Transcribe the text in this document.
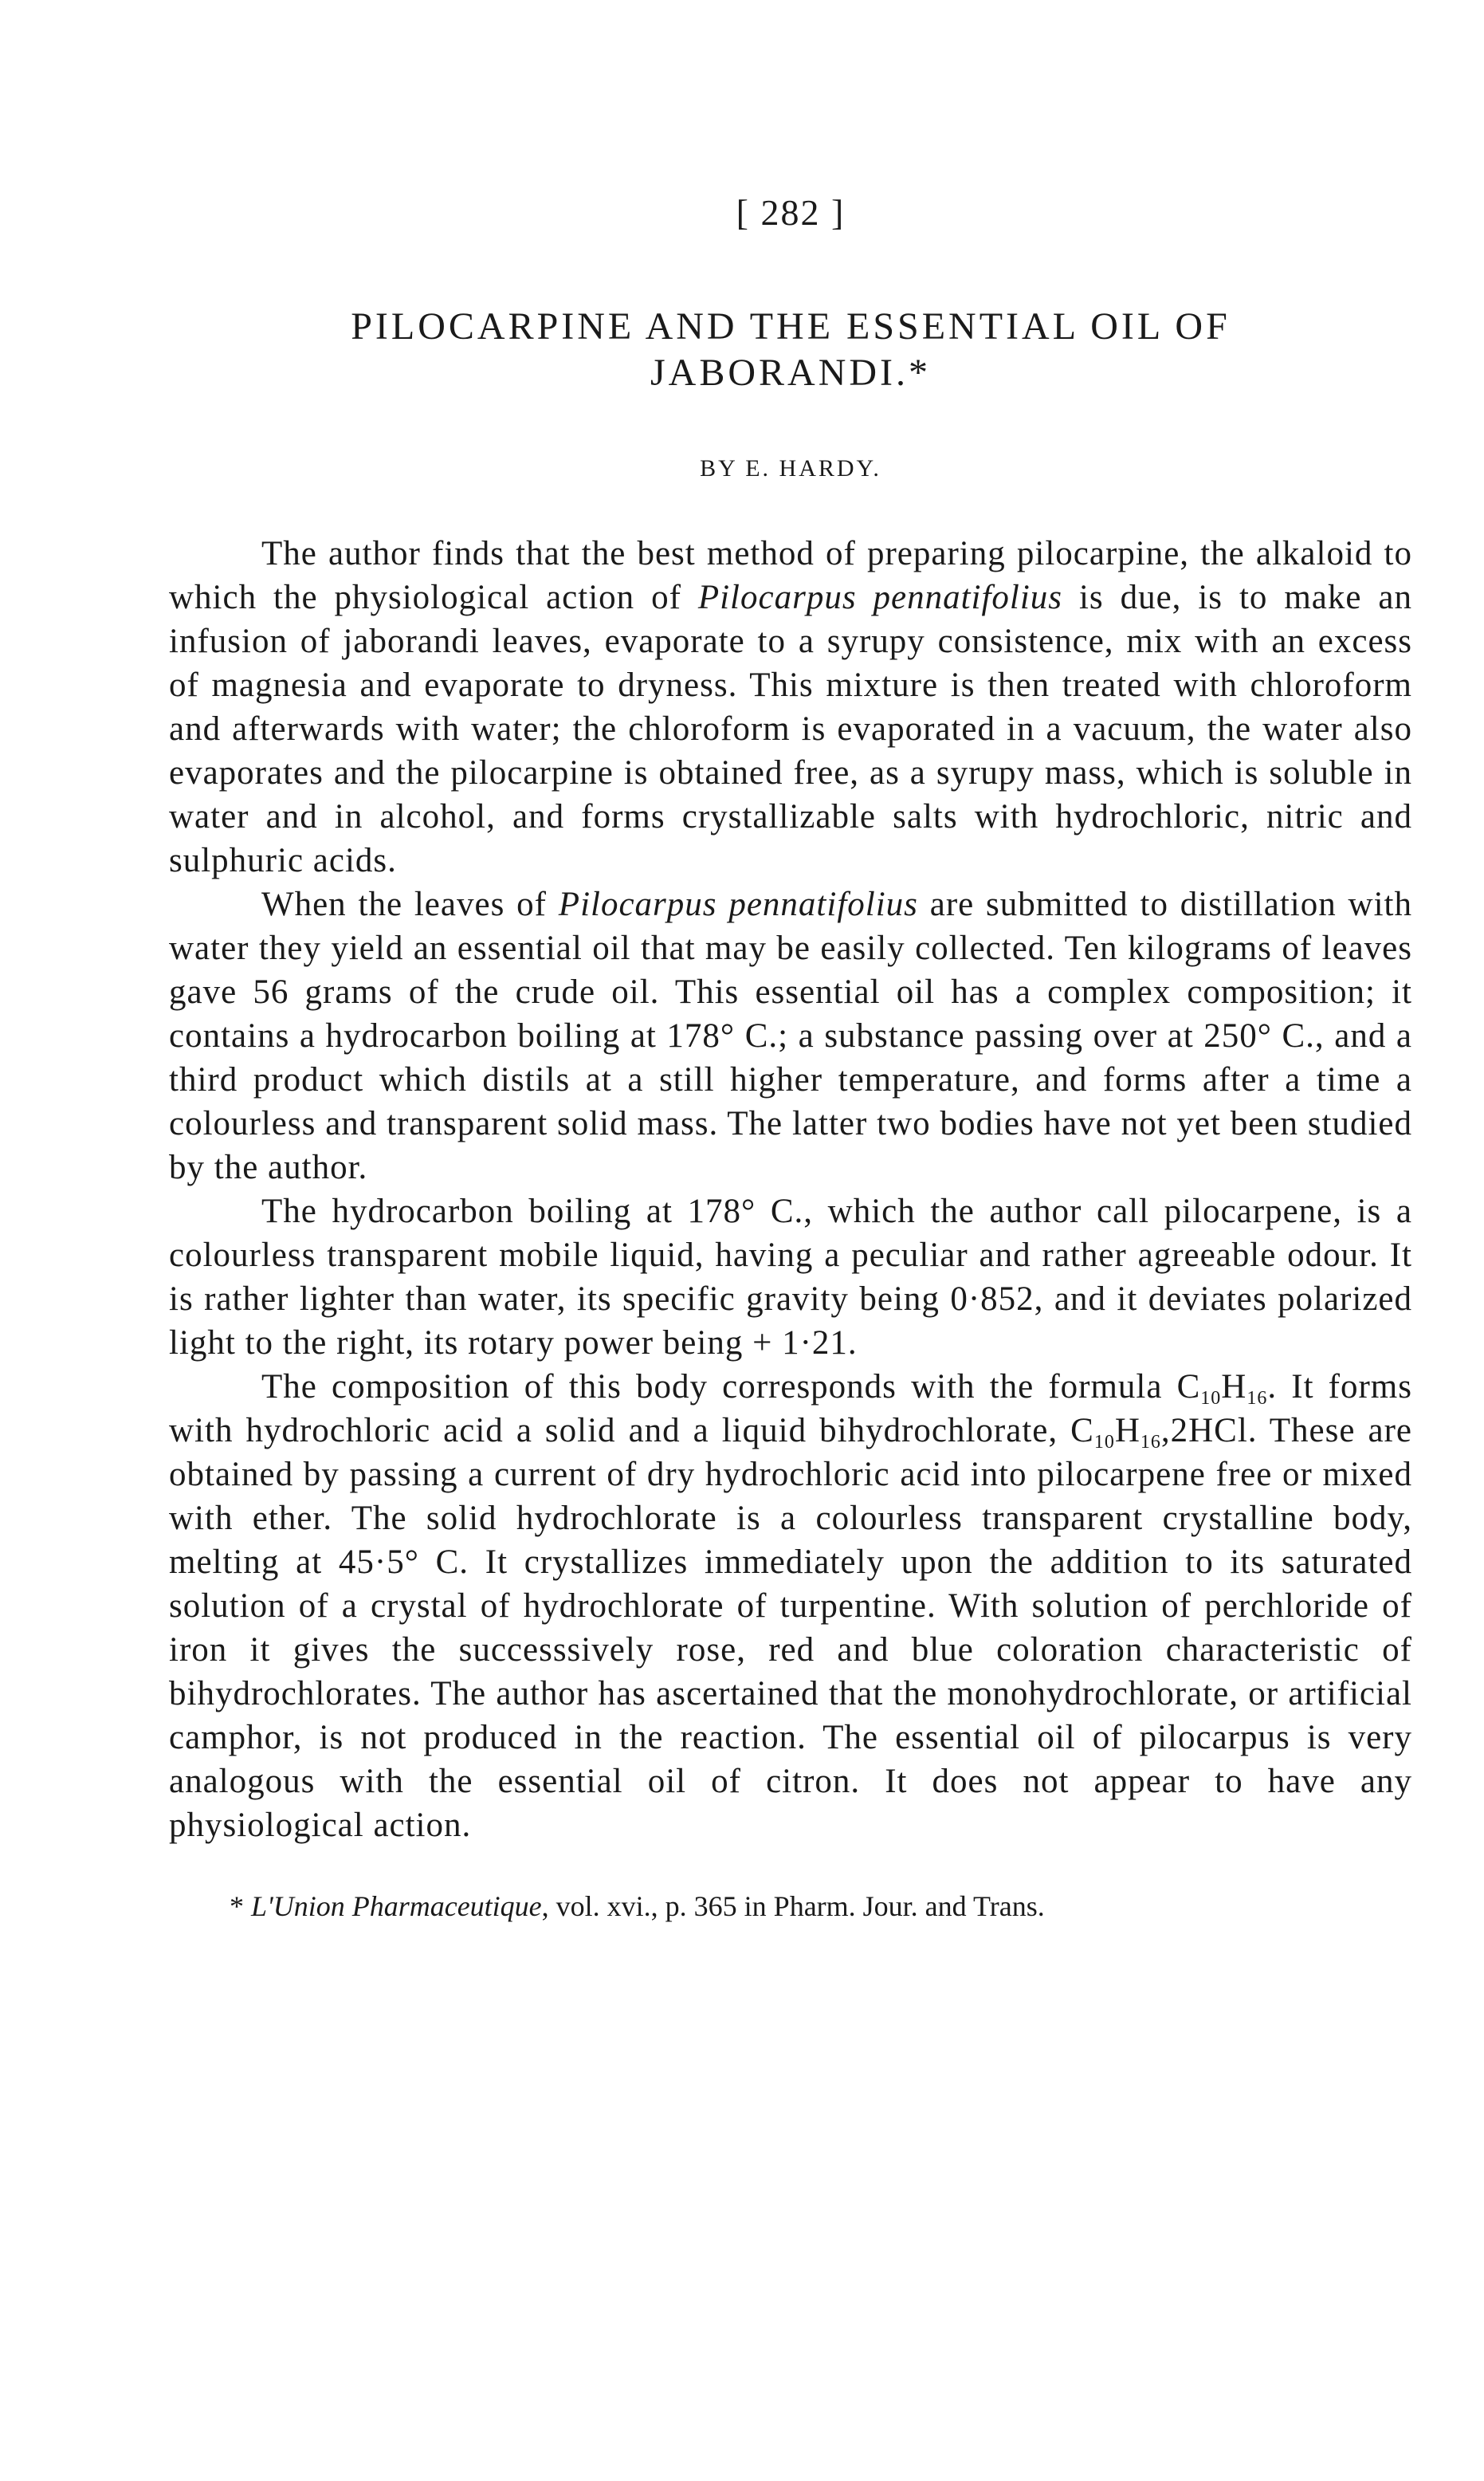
[ 282 ]
PILOCARPINE AND THE ESSENTIAL OIL OF
JABORANDI.*
BY E. HARDY.

The author finds that the best method of preparing pilocarpine, the alkaloid to which the physiological action of Pilocarpus pennatifolius is due, is to make an infusion of jaborandi leaves, evaporate to a syrupy consistence, mix with an excess of magnesia and evaporate to dryness. This mixture is then treated with chloroform and afterwards with water; the chloroform is evaporated in a vacuum, the water also evaporates and the pilocarpine is obtained free, as a syrupy mass, which is soluble in water and in alcohol, and forms crystallizable salts with hydrochloric, nitric and sulphuric acids.

When the leaves of Pilocarpus pennatifolius are submitted to distillation with water they yield an essential oil that may be easily collected. Ten kilograms of leaves gave 56 grams of the crude oil. This essential oil has a complex composition; it contains a hydrocarbon boiling at 178° C.; a substance passing over at 250° C., and a third product which distils at a still higher temperature, and forms after a time a colourless and transparent solid mass. The latter two bodies have not yet been studied by the author.

The hydrocarbon boiling at 178° C., which the author call pilocarpene, is a colourless transparent mobile liquid, having a peculiar and rather agreeable odour. It is rather lighter than water, its specific gravity being 0·852, and it deviates polarized light to the right, its rotary power being + 1·21.

The composition of this body corresponds with the formula $C_{10}H_{16}$. It forms with hydrochloric acid a solid and a liquid bihydrochlorate, $C_{10}H_{16},2HCl$. These are obtained by passing a current of dry hydrochloric acid into pilocarpene free or mixed with ether. The solid hydrochlorate is a colourless transparent crystalline body, melting at 45·5° C. It crystallizes immediately upon the addition to its saturated solution of a crystal of hydrochlorate of turpentine. With solution of perchloride of iron it gives the successsively rose, red and blue coloration characteristic of bihydrochlorates. The author has ascertained that the monohydrochlorate, or artificial camphor, is not produced in the reaction. The essential oil of pilocarpus is very analogous with the essential oil of citron. It does not appear to have any physiological action.

* L'Union Pharmaceutique, vol. xvi., p. 365 in Pharm. Jour. and Trans.
